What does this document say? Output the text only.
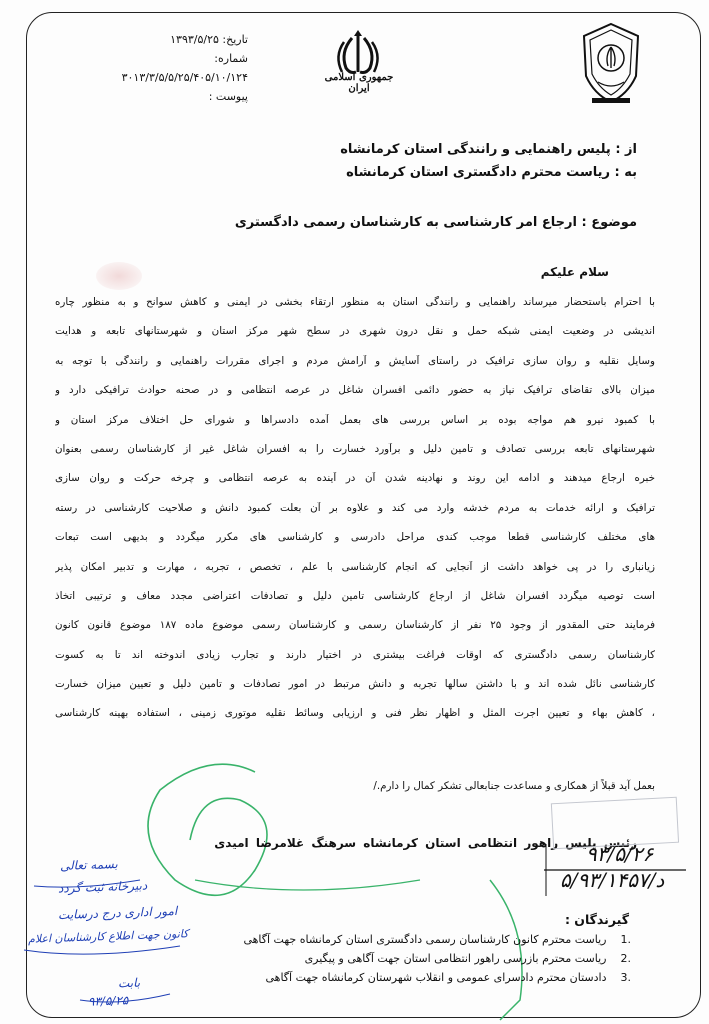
جمهوری اسلامی ایران
تاریخ: ۱۳۹۳/۵/۲۵
شماره: ۳۰۱۳/۳/۵/۵/۲۵/۴۰۵/۱۰/۱۲۴
پیوست :
از : پلیس راهنمایی و رانندگی استان کرمانشاه
به : ریاست محترم دادگستری استان کرمانشاه
موضوع : ارجاع امر کارشناسی به کارشناسان رسمی دادگستری
سلام علیکم
با احترام باستحضار میرساند راهنمایی و رانندگی استان به منظور ارتقاء بخشی در ایمنی و کاهش سوانح و به منظور چاره
اندیشی در وضعیت ایمنی شبکه حمل و نقل درون شهری در سطح شهر مرکز استان و شهرستانهای تابعه و هدایت
وسایل نقلیه و روان سازی ترافیک در راستای آسایش و آرامش مردم و اجرای مقررات راهنمایی و رانندگی با توجه به
میزان بالای تقاضای ترافیک نیاز به حضور دائمی افسران شاغل در عرصه انتظامی و در صحنه حوادث ترافیکی دارد و
با کمبود نیرو هم مواجه بوده بر اساس بررسی های بعمل آمده دادسراها و شورای حل اختلاف مرکز استان و
شهرستانهای تابعه بررسی تصادف و تامین دلیل و برآورد خسارت را به افسران شاغل غیر از کارشناسان رسمی بعنوان
خبره ارجاع میدهند و ادامه این روند و نهادینه شدن آن در آینده به عرصه انتظامی و چرخه حرکت و روان سازی
ترافیک و ارائه خدمات به مردم خدشه وارد می کند و علاوه بر آن بعلت کمبود دانش و صلاحیت کارشناسی در رسته
های مختلف کارشناسی قطعاً موجب کندی مراحل دادرسی و کارشناسی های مکرر میگردد و بدیهی است تبعات
زیانباری را در پی خواهد داشت از آنجایی که انجام کارشناسی با علم ، تخصص ، تجربه ، مهارت و تدبیر امکان پذیر
است توصیه میگردد افسران شاغل از ارجاع کارشناسی تامین دلیل و تصادفات اعتراضی مجدد معاف و ترتیبی اتخاذ
فرمایند حتی المقدور از وجود ۲۵ نفر از کارشناسان رسمی و کارشناسان رسمی موضوع ماده ۱۸۷ موضوع قانون کانون
کارشناسان رسمی دادگستری که اوقات فراغت بیشتری در اختیار دارند و تجارب زیادی اندوخته اند تا به کسوت
کارشناسی نائل شده اند و با داشتن سالها تجربه و دانش مرتبط در امور تصادفات و تامین دلیل و تعیین میزان خسارت
، کاهش بهاء و تعیین اجرت المثل و اظهار نظر فنی و ارزیابی وسائط نقلیه موتوری زمینی ، استفاده بهینه کارشناسی
بعمل آید قبلاً از همکاری و مساعدت جنابعالی تشکر کمال را دارم./
رئیس پلیس راهور انتظامی استان کرمانشاه سرهنگ غلامرضا امیدی
۹۳/۵/۲۶
۵/۹۳/د/۱۴۵۷
بسمه تعالی
دبیرخانه ثبت گردد
امور اداری درج درسایت
کانون جهت اطلاع کارشناسان اعلام
بابت
۹۳/۵/۲۵
گیرندگان :
.1
ریاست محترم کانون کارشناسان رسمی دادگستری استان کرمانشاه جهت آگاهی
.2
ریاست محترم بازرسی راهور انتظامی استان جهت آگاهی و پیگیری
.3
دادستان محترم دادسرای عمومی و انقلاب شهرستان کرمانشاه جهت آگاهی
